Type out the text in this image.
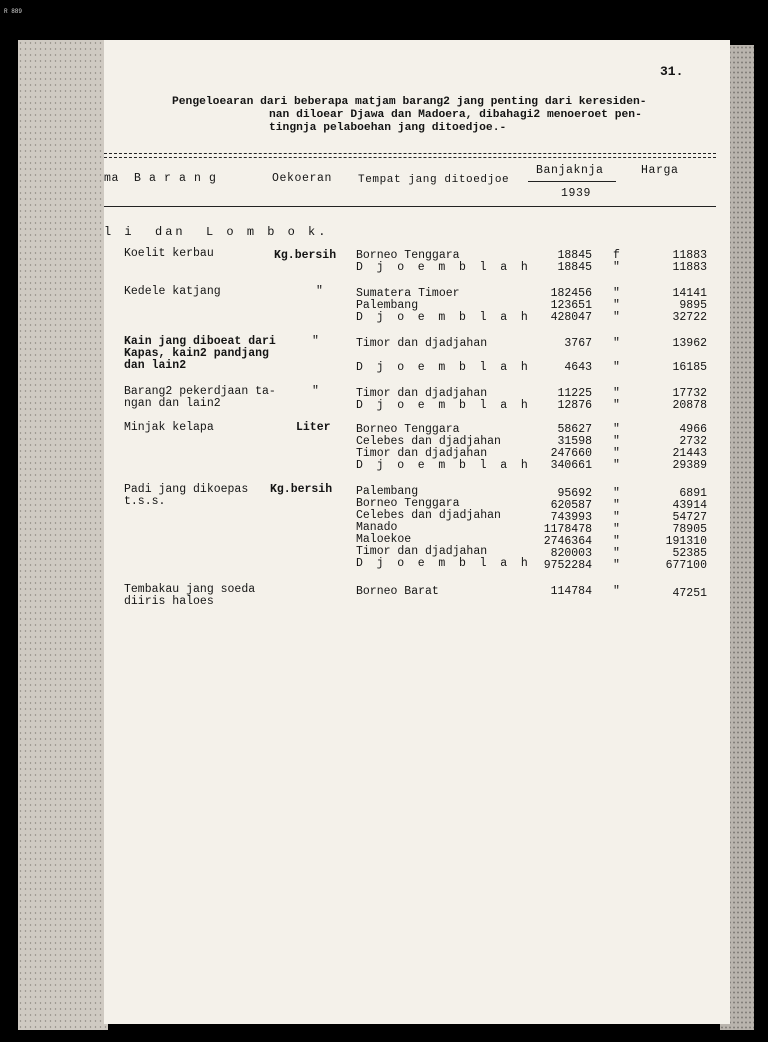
R 889
31.
Pengeloearan dari beberapa matjam barang2 jang penting dari keresiden-
nan diloear Djawa dan Madoera, dibahagi2 menoeroet pen-
tingnja pelaboehan jang ditoedjoe.-
ma  B a r a n g	Oekoeran Tempat jang ditoedjoe
Banjaknja	Harga
1939
l i  dan  L o m b o k.
Koelit kerbau	Kg.bersih Borneo Tenggara	18845 f	11883
D j o e m b l a h	18845 "	11883
Kedele katjang	"	Sumatera Timoer	182456 "	14141
Palembang	123651 "	9895
D j o e m b l a h	428047 "	32722
Kain jang diboeat dari
Kapas, kain2 pandjang
dan lain2
"	Timor dan djadjahan	3767 "	13962
D j o e m b l a h	4643 "	16185
Barang2 pekerdjaan ta-
ngan dan lain2
"	Timor dan djadjahan	11225 "	17732
D j o e m b l a h	12876 "	20878
Minjak kelapa	Liter Borneo Tenggara	58627 "	4966
Celebes dan djadjahan	31598 "	2732
Timor dan djadjahan	247660 "	21443
D j o e m b l a h	340661 "	29389
Padi jang dikoepas
t.s.s.
Kg.bersih Palembang	95692 "	6891
Borneo Tenggara	620587 "	43914
Celebes dan djadjahan	743993 "	54727
Manado	1178478 "	78905
Maloekoe	2746364 "	191310
Timor dan djadjahan	820003 "	52385
D j o e m b l a h	9752284 "	677100
Tembakau jang soeda
diiris haloes
Borneo Barat	114784 "	47251
